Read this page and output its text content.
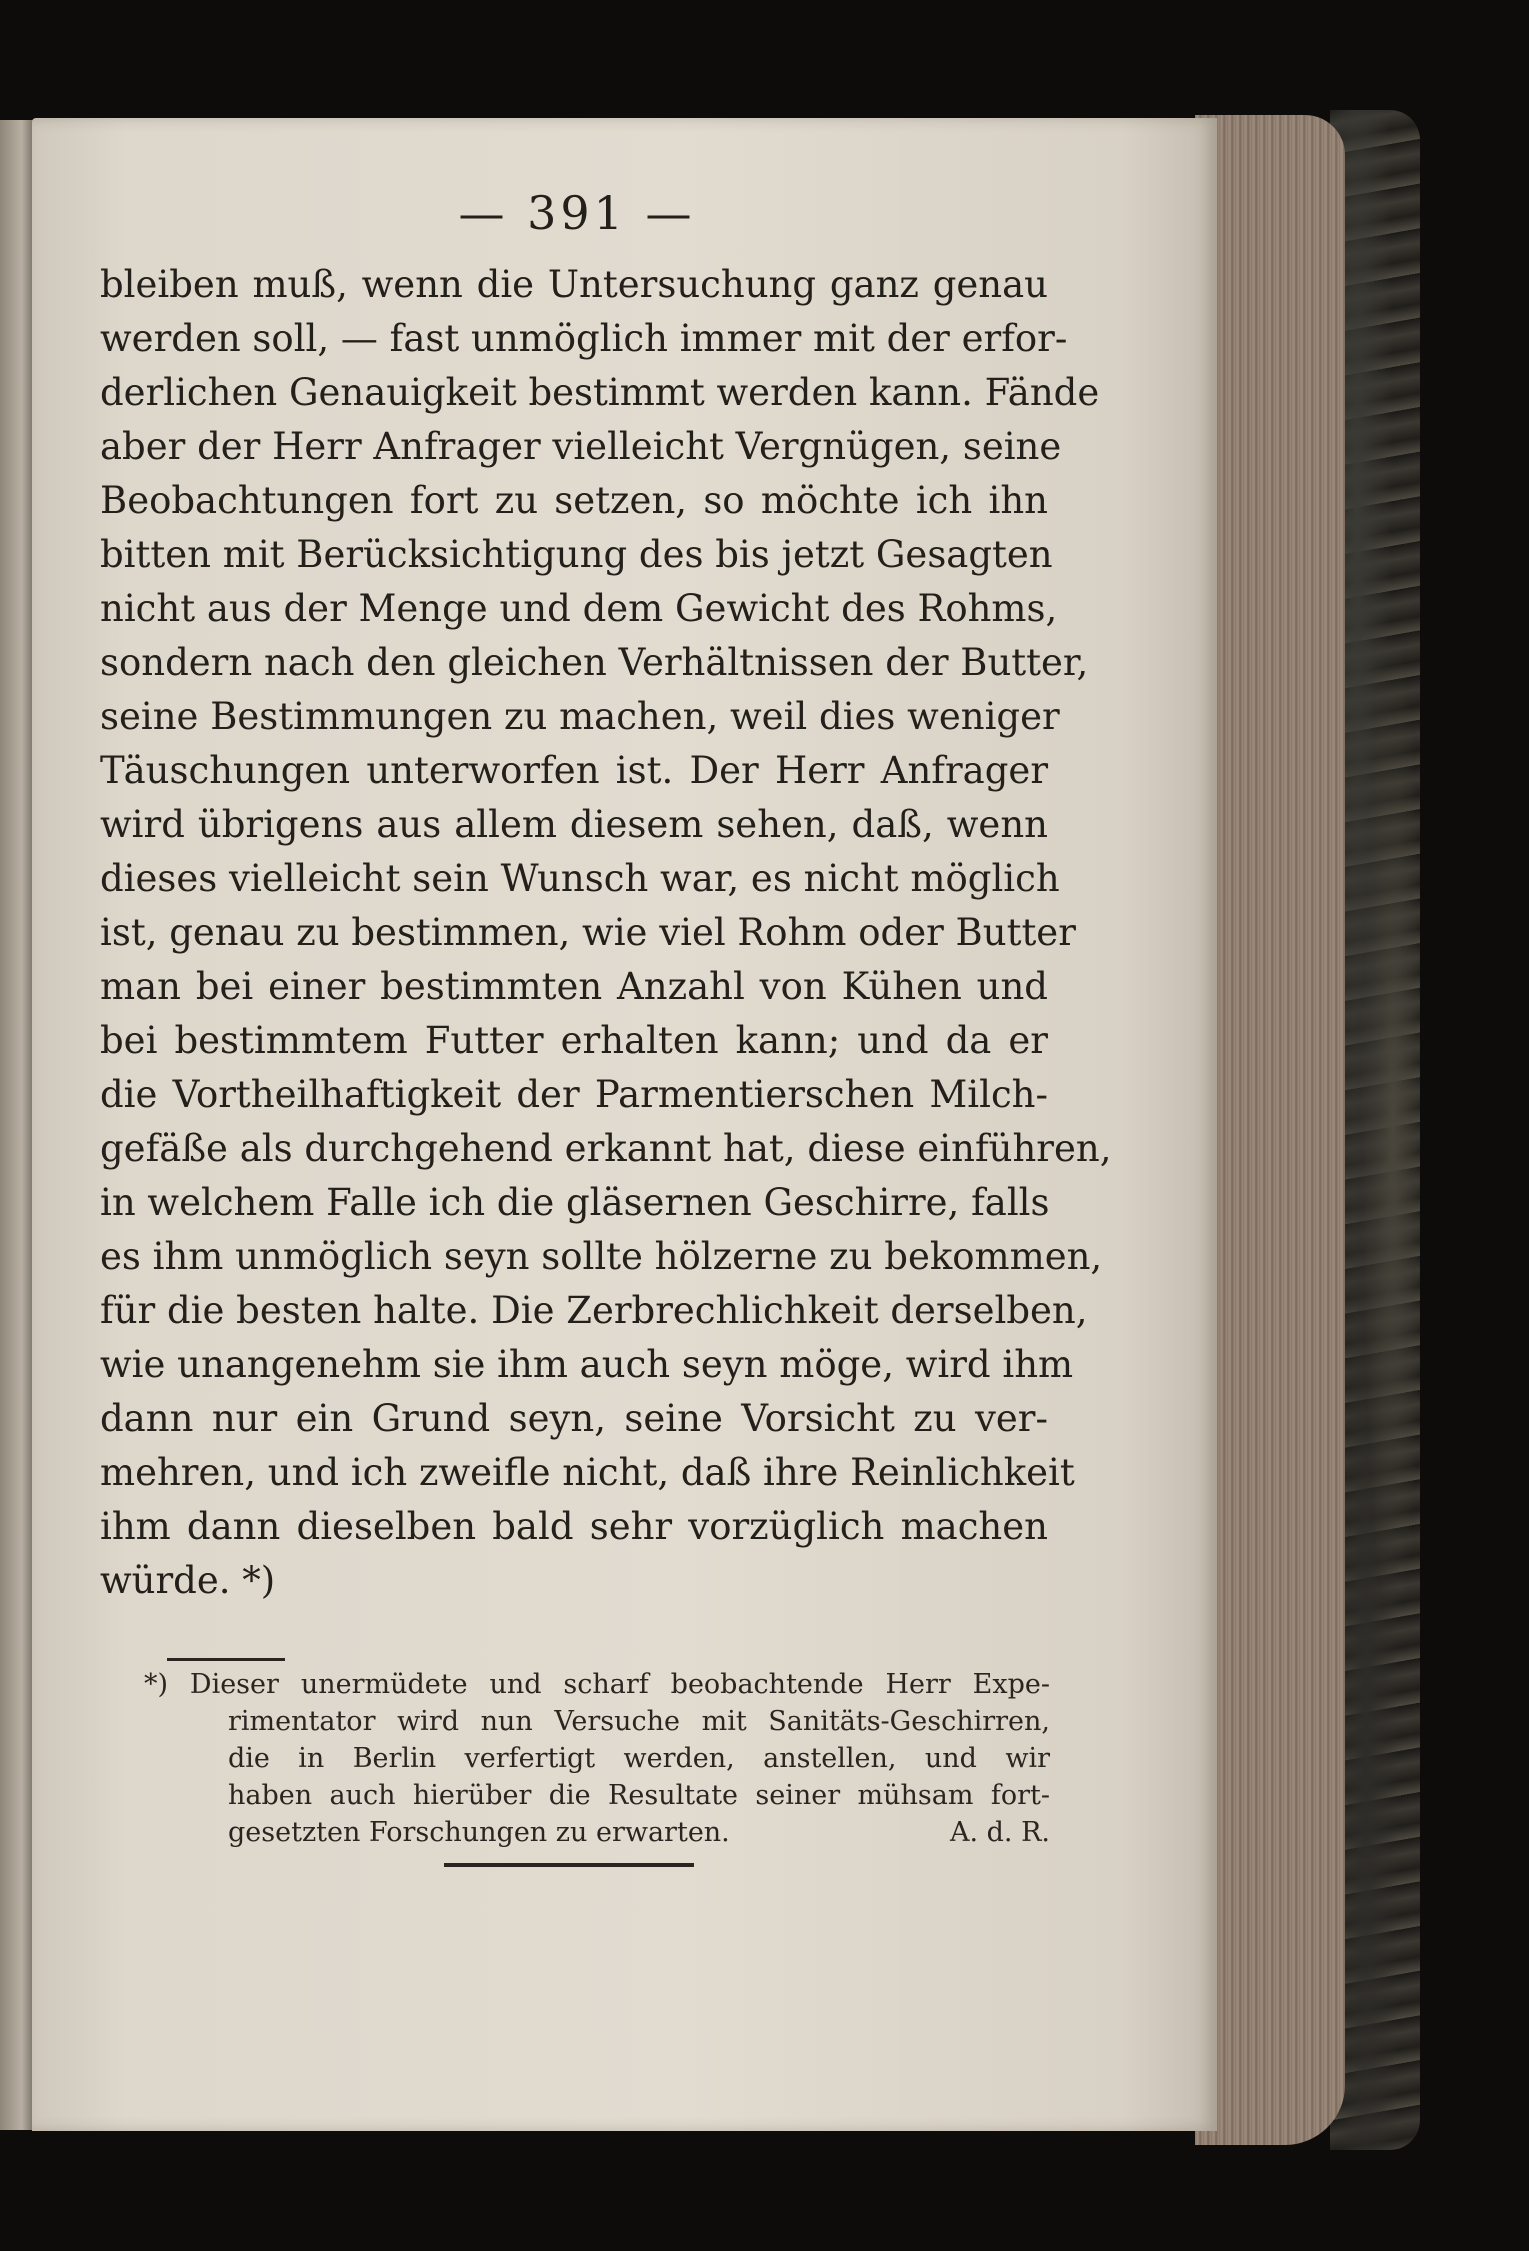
— 391 —
bleiben muß, wenn die Untersuchung ganz genau
werden soll, — fast unmöglich immer mit der erfor-
derlichen Genauigkeit bestimmt werden kann. Fände
aber der Herr Anfrager vielleicht Vergnügen, seine
Beobachtungen fort zu setzen, so möchte ich ihn
bitten mit Berücksichtigung des bis jetzt Gesagten
nicht aus der Menge und dem Gewicht des Rohms,
sondern nach den gleichen Verhältnissen der Butter,
seine Bestimmungen zu machen, weil dies weniger
Täuschungen unterworfen ist. Der Herr Anfrager
wird übrigens aus allem diesem sehen, daß, wenn
dieses vielleicht sein Wunsch war, es nicht möglich
ist, genau zu bestimmen, wie viel Rohm oder Butter
man bei einer bestimmten Anzahl von Kühen und
bei bestimmtem Futter erhalten kann; und da er
die Vortheilhaftigkeit der Parmentierschen Milch-
gefäße als durchgehend erkannt hat, diese einführen,
in welchem Falle ich die gläsernen Geschirre, falls
es ihm unmöglich seyn sollte hölzerne zu bekommen,
für die besten halte. Die Zerbrechlichkeit derselben,
wie unangenehm sie ihm auch seyn möge, wird ihm
dann nur ein Grund seyn, seine Vorsicht zu ver-
mehren, und ich zweifle nicht, daß ihre Reinlichkeit
ihm dann dieselben bald sehr vorzüglich machen
würde. *)
*) Dieser unermüdete und scharf beobachtende Herr Expe-
rimentator wird nun Versuche mit Sanitäts-Geschirren,
die in Berlin verfertigt werden, anstellen, und wir
haben auch hierüber die Resultate seiner mühsam fort-
gesetzten Forschungen zu erwarten.	A. d. R.
